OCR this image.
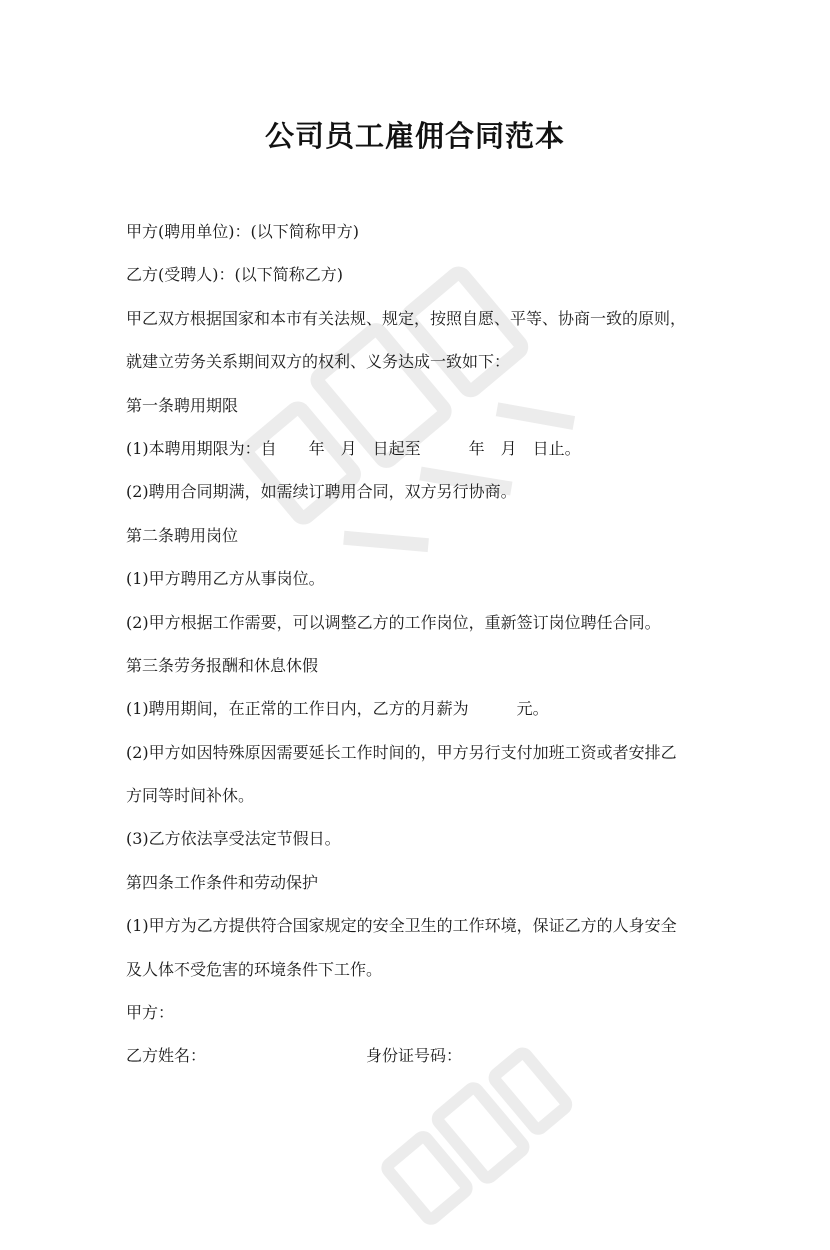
公司员工雇佣合同范本
甲方(聘用单位)：(以下简称甲方)
乙方(受聘人)：(以下简称乙方)
甲乙双方根据国家和本市有关法规、规定，按照自愿、平等、协商一致的原则，
就建立劳务关系期间双方的权利、义务达成一致如下：
第一条聘用期限
(1)本聘用期限为：自　　年　月　日起至　　　年　月　日止。
(2)聘用合同期满，如需续订聘用合同，双方另行协商。
第二条聘用岗位
(1)甲方聘用乙方从事岗位。
(2)甲方根据工作需要，可以调整乙方的工作岗位，重新签订岗位聘任合同。
第三条劳务报酬和休息休假
(1)聘用期间，在正常的工作日内，乙方的月薪为　　　元。
(2)甲方如因特殊原因需要延长工作时间的，甲方另行支付加班工资或者安排乙
方同等时间补休。
(3)乙方依法享受法定节假日。
第四条工作条件和劳动保护
(1)甲方为乙方提供符合国家规定的安全卫生的工作环境，保证乙方的人身安全
及人体不受危害的环境条件下工作。
甲方：
乙方姓名：	身份证号码：
